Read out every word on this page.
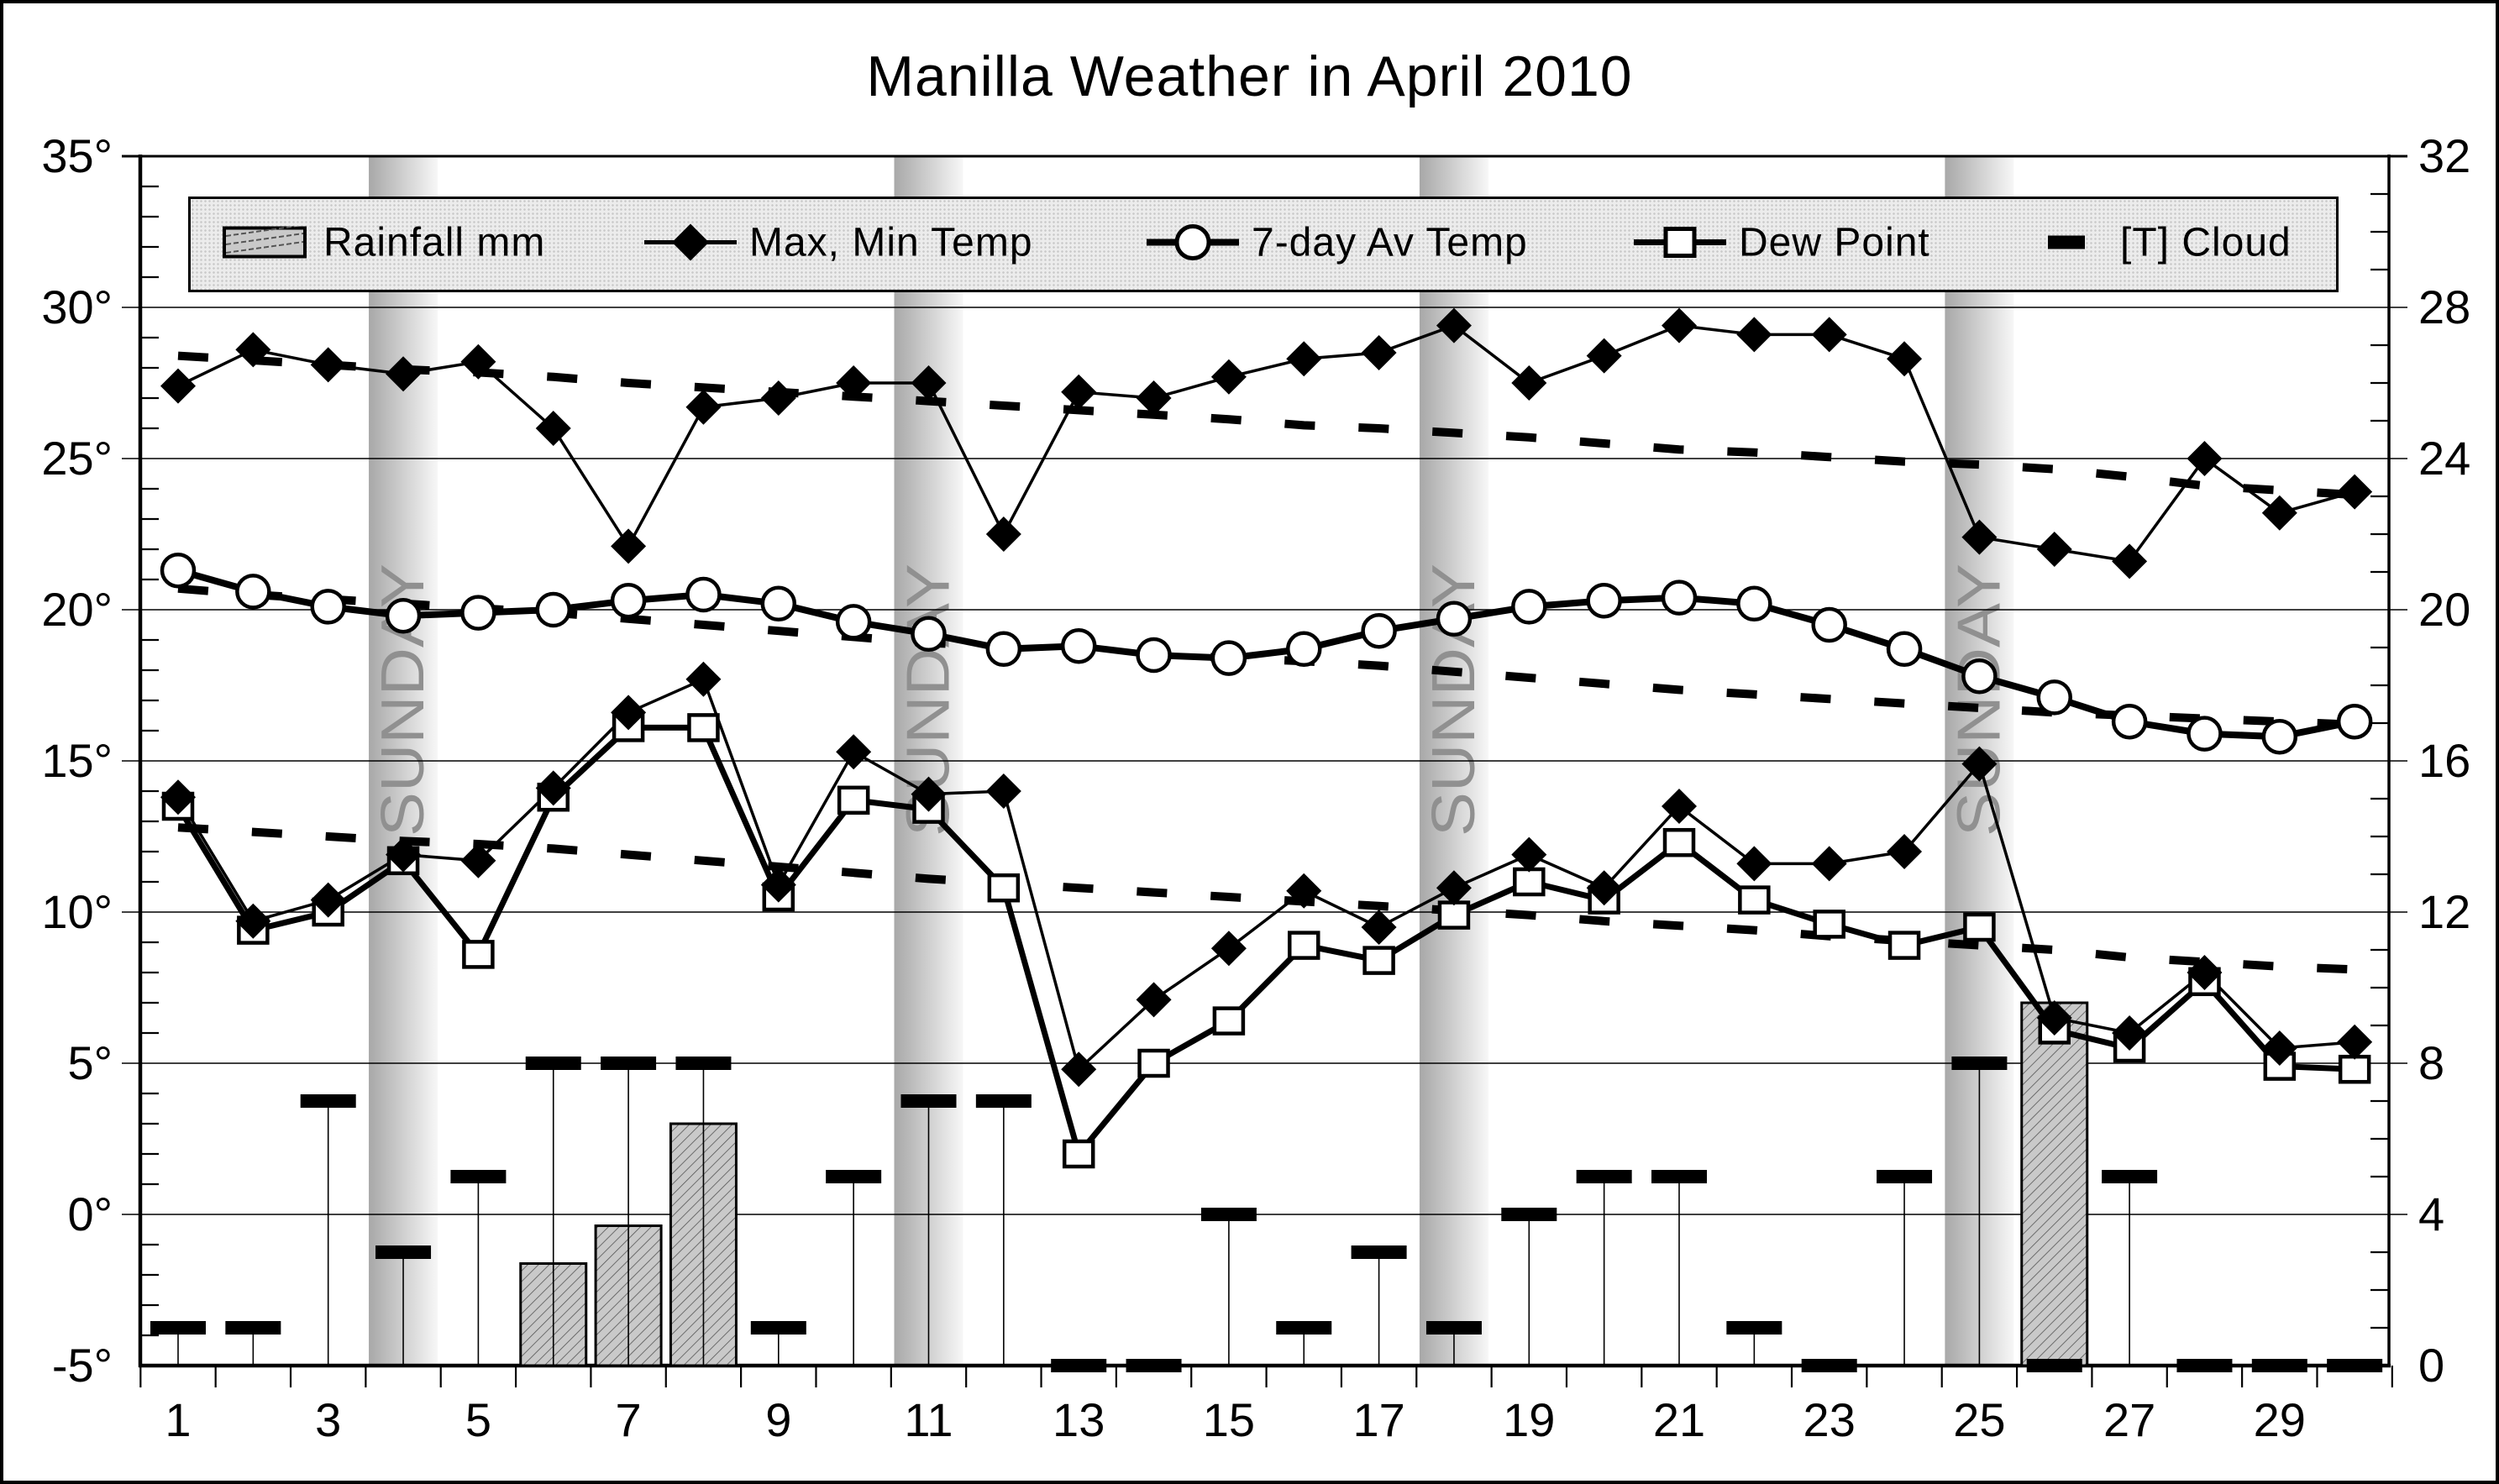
SUNDAY	SUNDAY	SUNDAY	SUNDAY
35°
30°
25°
20°
15°
10°
5°
0°
-5°
32
28
24
20
16
12
8
4
0
1	3	5	7	9 11 13 15 17 19 21 23 25 27 29
Manilla Weather in April 2010
Rainfall mm	Max, Min Temp	7-day Av Temp	Dew Point	[T] Cloud
